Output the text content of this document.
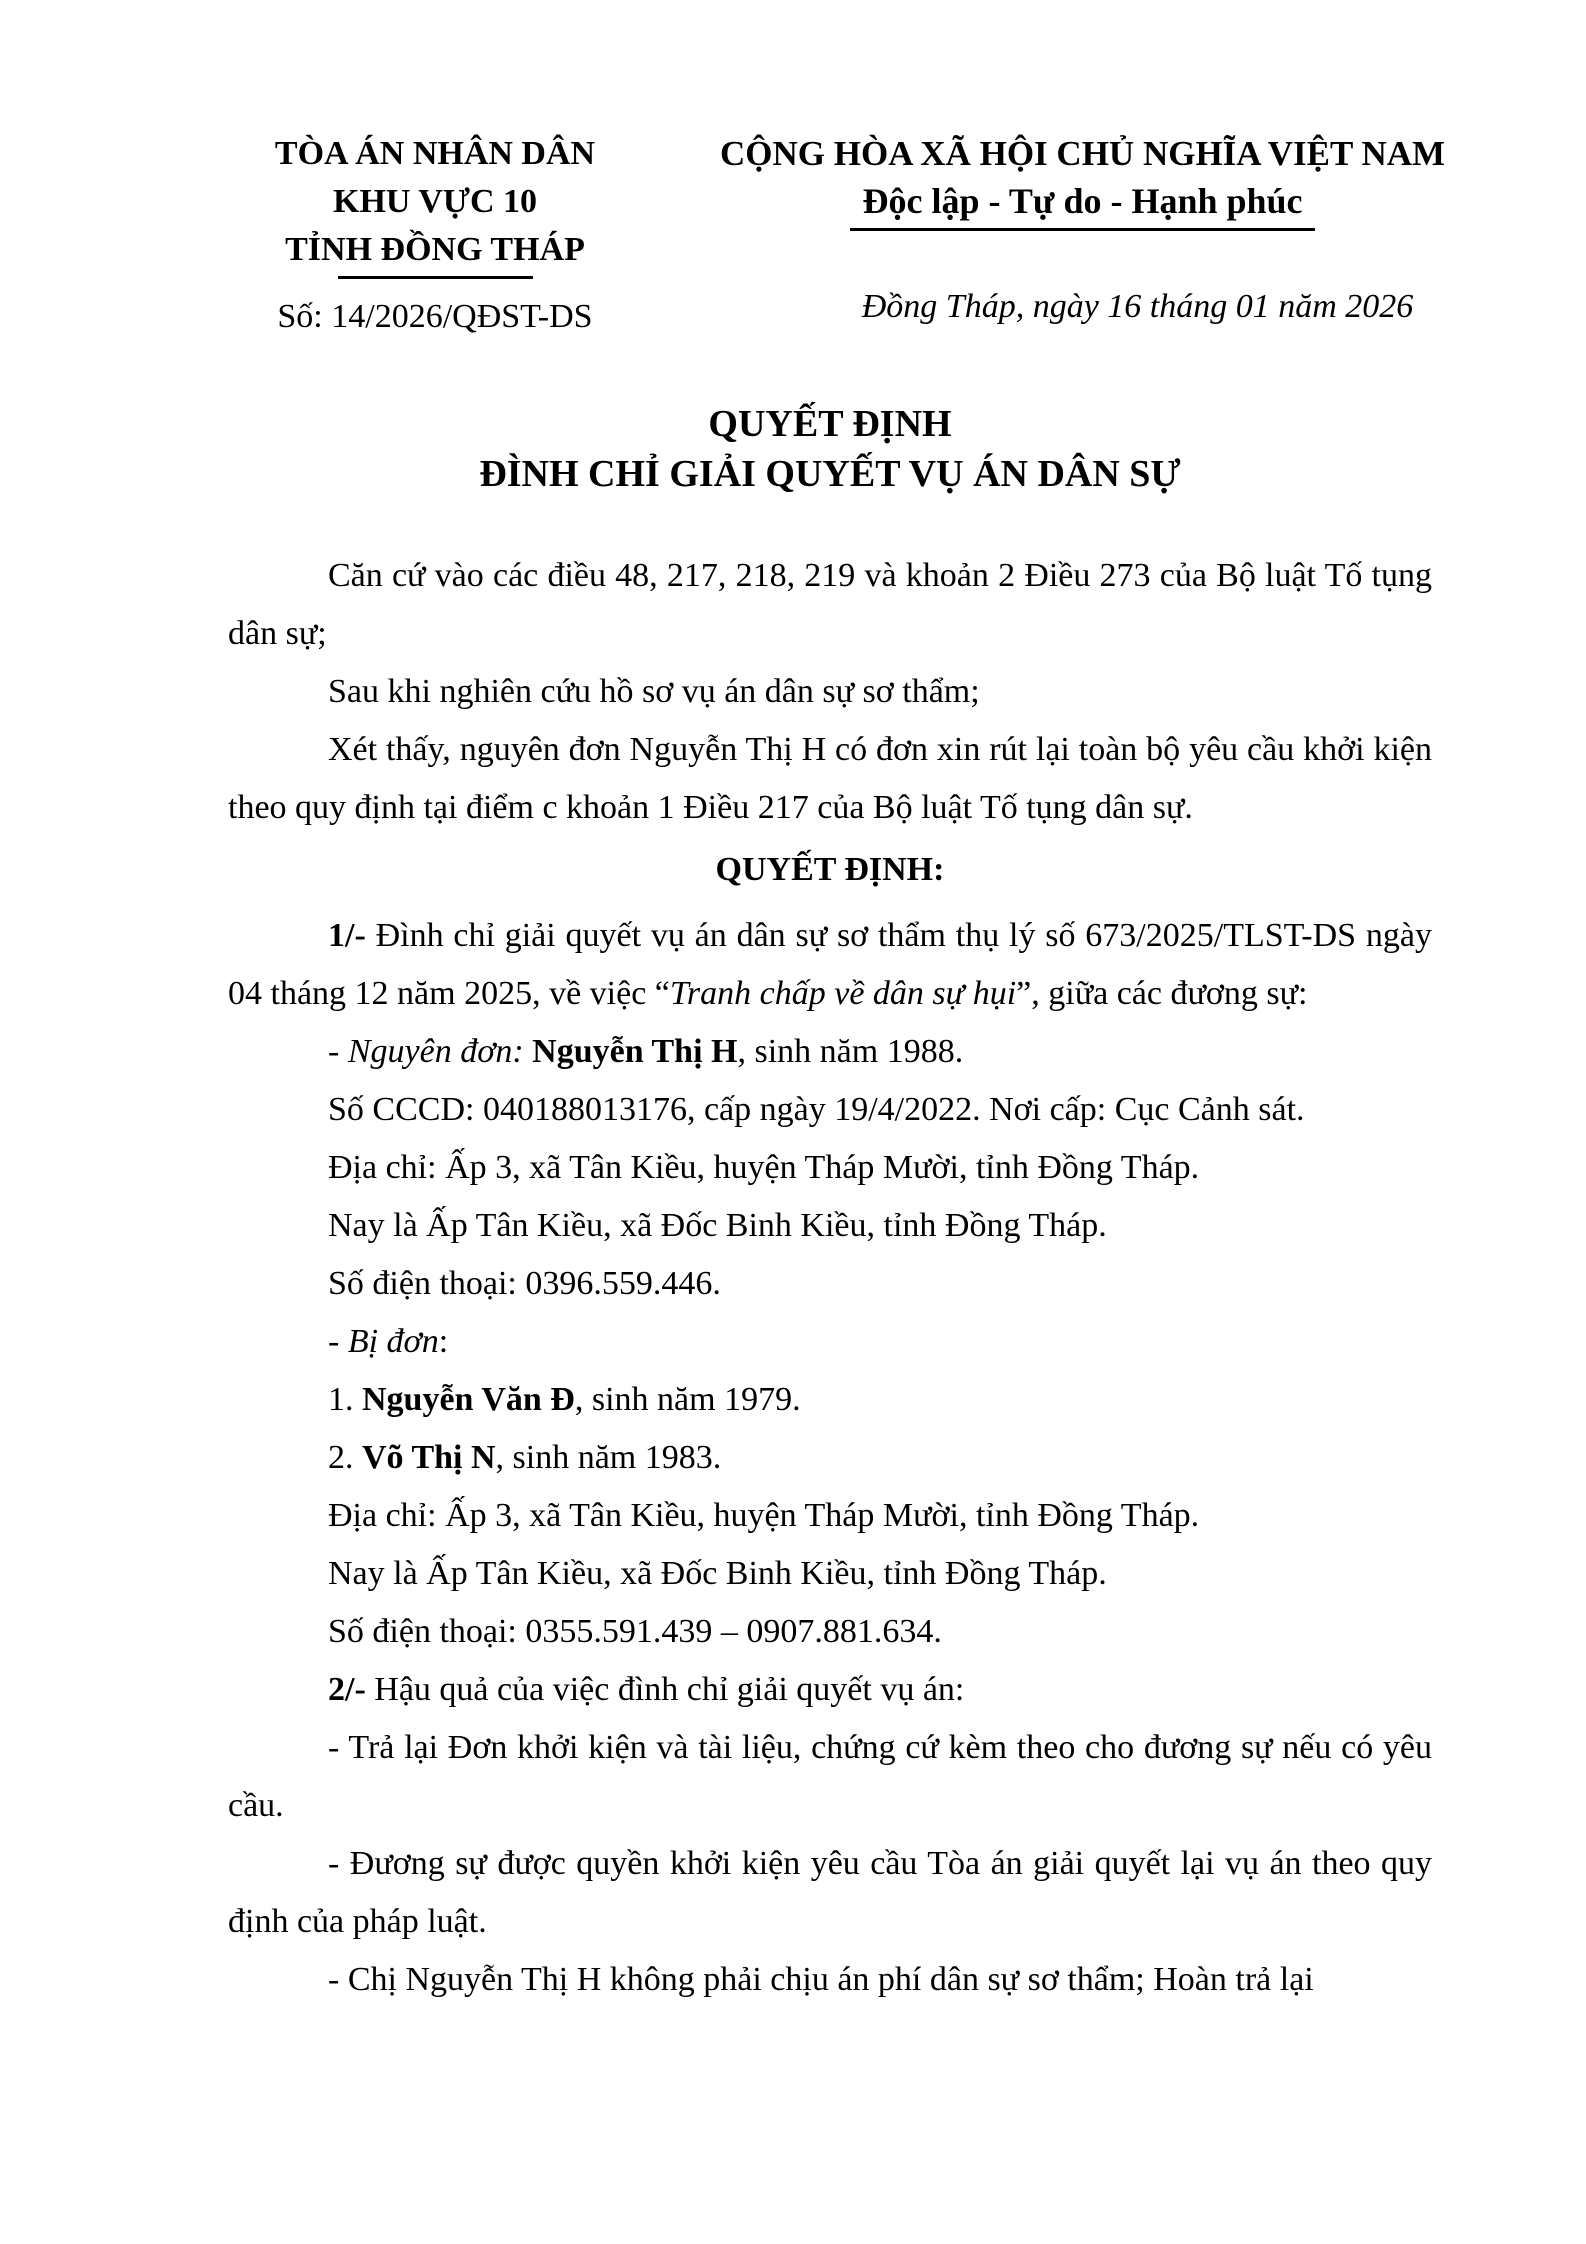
TÒA ÁN NHÂN DÂN
KHU VỰC 10
TỈNH ĐỒNG THÁP
Số: 14/2026/QĐST-DS
CỘNG HÒA XÃ HỘI CHỦ NGHĨA VIỆT NAM
Độc lập - Tự do - Hạnh phúc
Đồng Tháp, ngày 16 tháng 01 năm 2026
QUYẾT ĐỊNH
ĐÌNH CHỈ GIẢI QUYẾT VỤ ÁN DÂN SỰ

Căn cứ vào các điều 48, 217, 218, 219 và khoản 2 Điều 273 của Bộ luật Tố tụng dân sự;

Sau khi nghiên cứu hồ sơ vụ án dân sự sơ thẩm;

Xét thấy, nguyên đơn Nguyễn Thị H có đơn xin rút lại toàn bộ yêu cầu khởi kiện theo quy định tại điểm c khoản 1 Điều 217 của Bộ luật Tố tụng dân sự.

QUYẾT ĐỊNH:

1/- Đình chỉ giải quyết vụ án dân sự sơ thẩm thụ lý số 673/2025/TLST-DS ngày 04 tháng 12 năm 2025, về việc “Tranh chấp về dân sự hụi”, giữa các đương sự:

- Nguyên đơn: Nguyễn Thị H, sinh năm 1988.

Số CCCD: 040188013176, cấp ngày 19/4/2022. Nơi cấp: Cục Cảnh sát.

Địa chỉ: Ấp 3, xã Tân Kiều, huyện Tháp Mười, tỉnh Đồng Tháp.

Nay là Ấp Tân Kiều, xã Đốc Binh Kiều, tỉnh Đồng Tháp.

Số điện thoại: 0396.559.446.

- Bị đơn:

1. Nguyễn Văn Đ, sinh năm 1979.

2. Võ Thị N, sinh năm 1983.

Địa chỉ: Ấp 3, xã Tân Kiều, huyện Tháp Mười, tỉnh Đồng Tháp.

Nay là Ấp Tân Kiều, xã Đốc Binh Kiều, tỉnh Đồng Tháp.

Số điện thoại: 0355.591.439 – 0907.881.634.

2/- Hậu quả của việc đình chỉ giải quyết vụ án:

- Trả lại Đơn khởi kiện và tài liệu, chứng cứ kèm theo cho đương sự nếu có yêu cầu.

- Đương sự được quyền khởi kiện yêu cầu Tòa án giải quyết lại vụ án theo quy định của pháp luật.

- Chị Nguyễn Thị H không phải chịu án phí dân sự sơ thẩm; Hoàn trả lại
